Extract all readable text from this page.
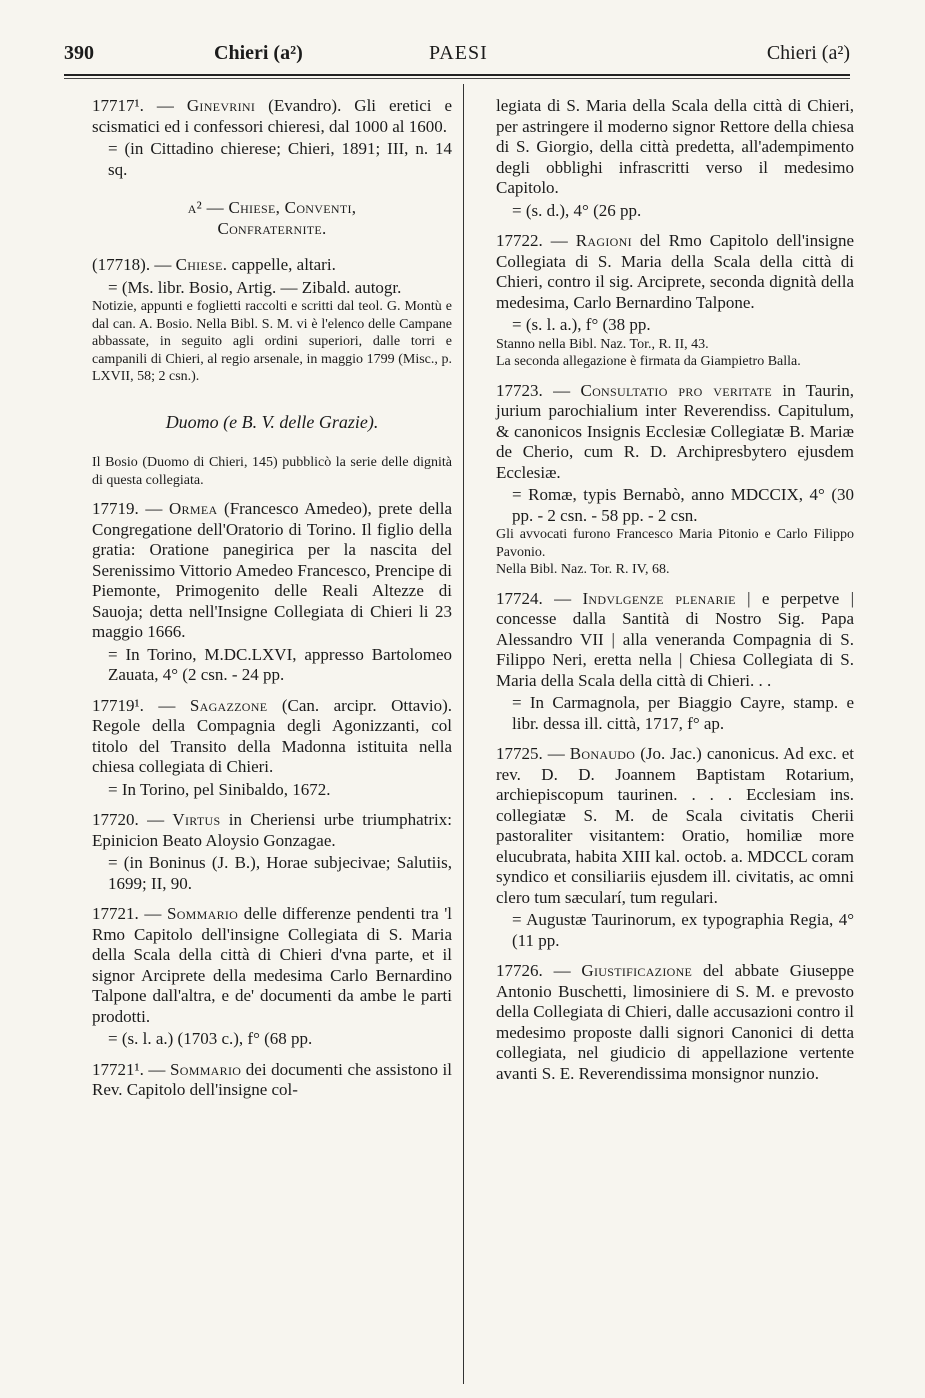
390	Chieri (a²)	PAESI	Chieri (a²)

17717¹. — Ginevrini (Evandro). Gli eretici e scismatici ed i confessori chieresi, dal 1000 al 1600.

= (in Cittadino chierese; Chieri, 1891; III, n. 14 sq.

a² — Chiese, Conventi,
Confraternite.

(17718). — Chiese. cappelle, altari.

= (Ms. libr. Bosio, Artig. — Zibald. autogr.

Notizie, appunti e foglietti raccolti e scritti dal teol. G. Montù e dal can. A. Bosio. Nella Bibl. S. M. vi è l'elenco delle Campane abbassate, in seguito agli ordini superiori, dalle torri e campanili di Chieri, al regio arsenale, in maggio 1799 (Misc., p. LXVII, 58; 2 csn.).

Duomo (e B. V. delle Grazie).

Il Bosio (Duomo di Chieri, 145) pubblicò la serie delle dignità di questa collegiata.

17719. — Ormea (Francesco Amedeo), prete della Congregatione dell'Oratorio di Torino. Il figlio della gratia: Oratione panegirica per la nascita del Serenissimo Vittorio Amedeo Francesco, Prencipe di Piemonte, Primogenito delle Reali Altezze di Sauoja; detta nell'Insigne Collegiata di Chieri li 23 maggio 1666.

= In Torino, M.DC.LXVI, appresso Bartolomeo Zauata, 4° (2 csn. - 24 pp.

17719¹. — Sagazzone (Can. arcipr. Ottavio). Regole della Compagnia degli Agonizzanti, col titolo del Transito della Madonna istituita nella chiesa collegiata di Chieri.

= In Torino, pel Sinibaldo, 1672.

17720. — Virtus in Cheriensi urbe triumphatrix: Epinicion Beato Aloysio Gonzagae.

= (in Boninus (J. B.), Horae subjecivae; Salutiis, 1699; II, 90.

17721. — Sommario delle differenze pendenti tra 'l Rmo Capitolo dell'insigne Collegiata di S. Maria della Scala della città di Chieri d'vna parte, et il signor Arciprete della medesima Carlo Bernardino Talpone dall'altra, e de' documenti da ambe le parti prodotti.

= (s. l. a.) (1703 c.), f° (68 pp.

17721¹. — Sommario dei documenti che assistono il Rev. Capitolo dell'insigne col-

legiata di S. Maria della Scala della città di Chieri, per astringere il moderno signor Rettore della chiesa di S. Giorgio, della città predetta, all'adempimento degli obblighi infrascritti verso il medesimo Capitolo.

= (s. d.), 4° (26 pp.

17722. — Ragioni del Rmo Capitolo dell'insigne Collegiata di S. Maria della Scala della città di Chieri, contro il sig. Arciprete, seconda dignità della medesima, Carlo Bernardino Talpone.

= (s. l. a.), f° (38 pp.

Stanno nella Bibl. Naz. Tor., R. II, 43.

La seconda allegazione è firmata da Giampietro Balla.

17723. — Consultatio pro veritate in Taurin, jurium parochialium inter Reverendiss. Capitulum, & canonicos Insignis Ecclesiæ Collegiatæ B. Mariæ de Cherio, cum R. D. Archipresbytero ejusdem Ecclesiæ.

= Romæ, typis Bernabò, anno MDCCIX, 4° (30 pp. - 2 csn. - 58 pp. - 2 csn.

Gli avvocati furono Francesco Maria Pitonio e Carlo Filippo Pavonio.

Nella Bibl. Naz. Tor. R. IV, 68.

17724. — Indvlgenze plenarie | e perpetve | concesse dalla Santità di Nostro Sig. Papa Alessandro VII | alla veneranda Compagnia di S. Filippo Neri, eretta nella | Chiesa Collegiata di S. Maria della Scala della città di Chieri. . .

= In Carmagnola, per Biaggio Cayre, stamp. e libr. dessa ill. città, 1717, f° ap.

17725. — Bonaudo (Jo. Jac.) canonicus. Ad exc. et rev. D. D. Joannem Baptistam Rotarium, archiepiscopum taurinen. . . . Ecclesiam ins. collegiatæ S. M. de Scala civitatis Cherii pastoraliter visitantem: Oratio, homiliæ more elucubrata, habita XIII kal. octob. a. MDCCL coram syndico et consiliariis ejusdem ill. civitatis, ac omni clero tum sæcularí, tum regulari.

= Augustæ Taurinorum, ex typographia Regia, 4° (11 pp.

17726. — Giustificazione del abbate Giuseppe Antonio Buschetti, limosiniere di S. M. e prevosto della Collegiata di Chieri, dalle accusazioni contro il medesimo proposte dalli signori Canonici di detta collegiata, nel giudicio di appellazione vertente avanti S. E. Reverendissima monsignor nunzio.
